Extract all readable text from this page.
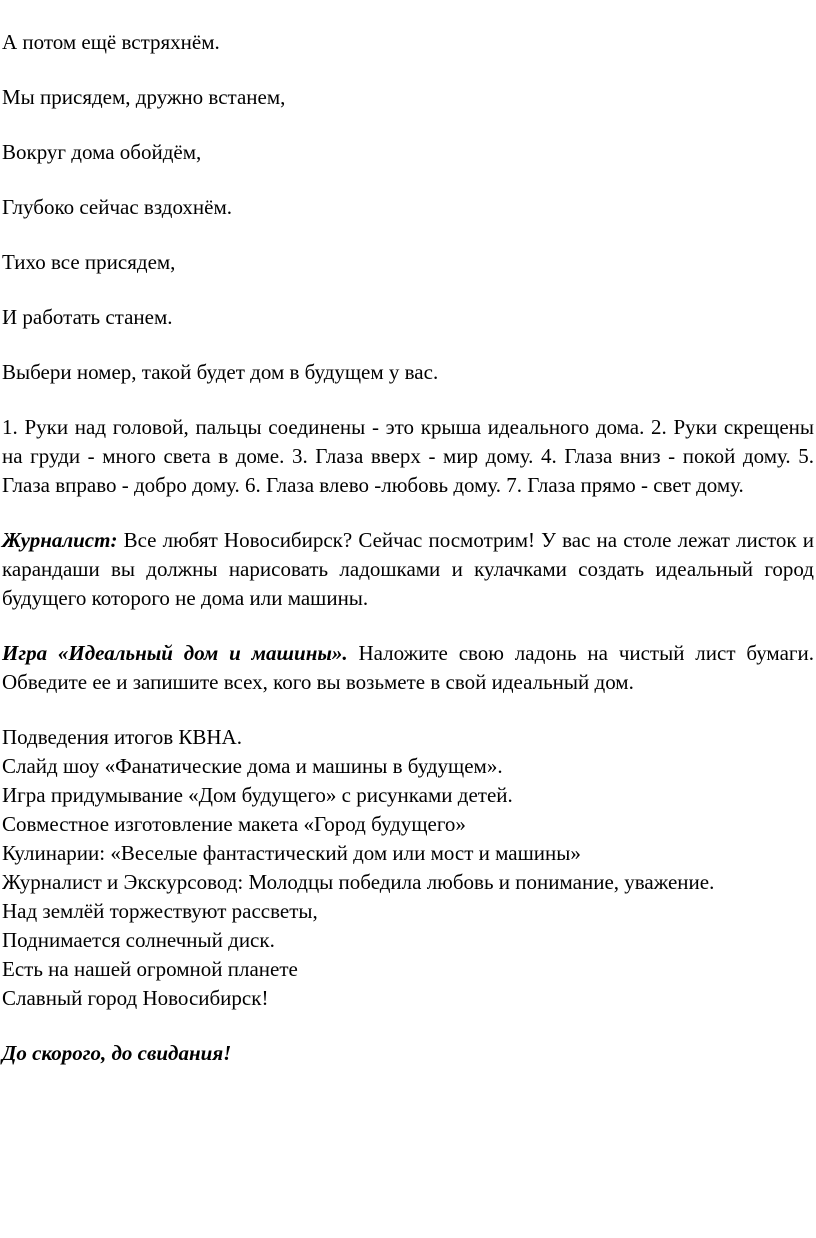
А потом ещё встряхнём.

Мы присядем, дружно встанем,

Вокруг дома обойдём,

Глубоко сейчас вздохнём.

Тихо все присядем,

И работать станем.

Выбери номер, такой будет дом в будущем у вас.

1. Руки над головой, пальцы соединены - это крыша идеального дома. 2. Руки скрещены на груди - много света в доме. 3. Глаза вверх - мир дому. 4. Глаза вниз - покой дому. 5. Глаза вправо - добро дому. 6. Глаза влево -любовь дому. 7. Глаза прямо - свет дому.

Журналист: Все любят Новосибирск? Сейчас посмотрим! У вас на столе лежат листок и карандаши вы должны нарисовать ладошками и кулачками создать идеальный город будущего которого не дома или машины.

Игра «Идеальный дом и машины». Наложите свою ладонь на чистый лист бумаги. Обведите ее и запишите всех, кого вы возьмете в свой идеальный дом.

Подведения итогов КВНА.

Слайд шоу «Фанатические дома и машины в будущем».

Игра придумывание «Дом будущего» с рисунками детей.

Совместное изготовление макета «Город будущего»

Кулинарии: «Веселые фантастический дом или мост и машины»

Журналист и Экскурсовод: Молодцы победила любовь и понимание, уважение.

Над землёй торжествуют рассветы,

Поднимается солнечный диск.

Есть на нашей огромной планете

Славный город Новосибирск!

До скорого, до свидания!
